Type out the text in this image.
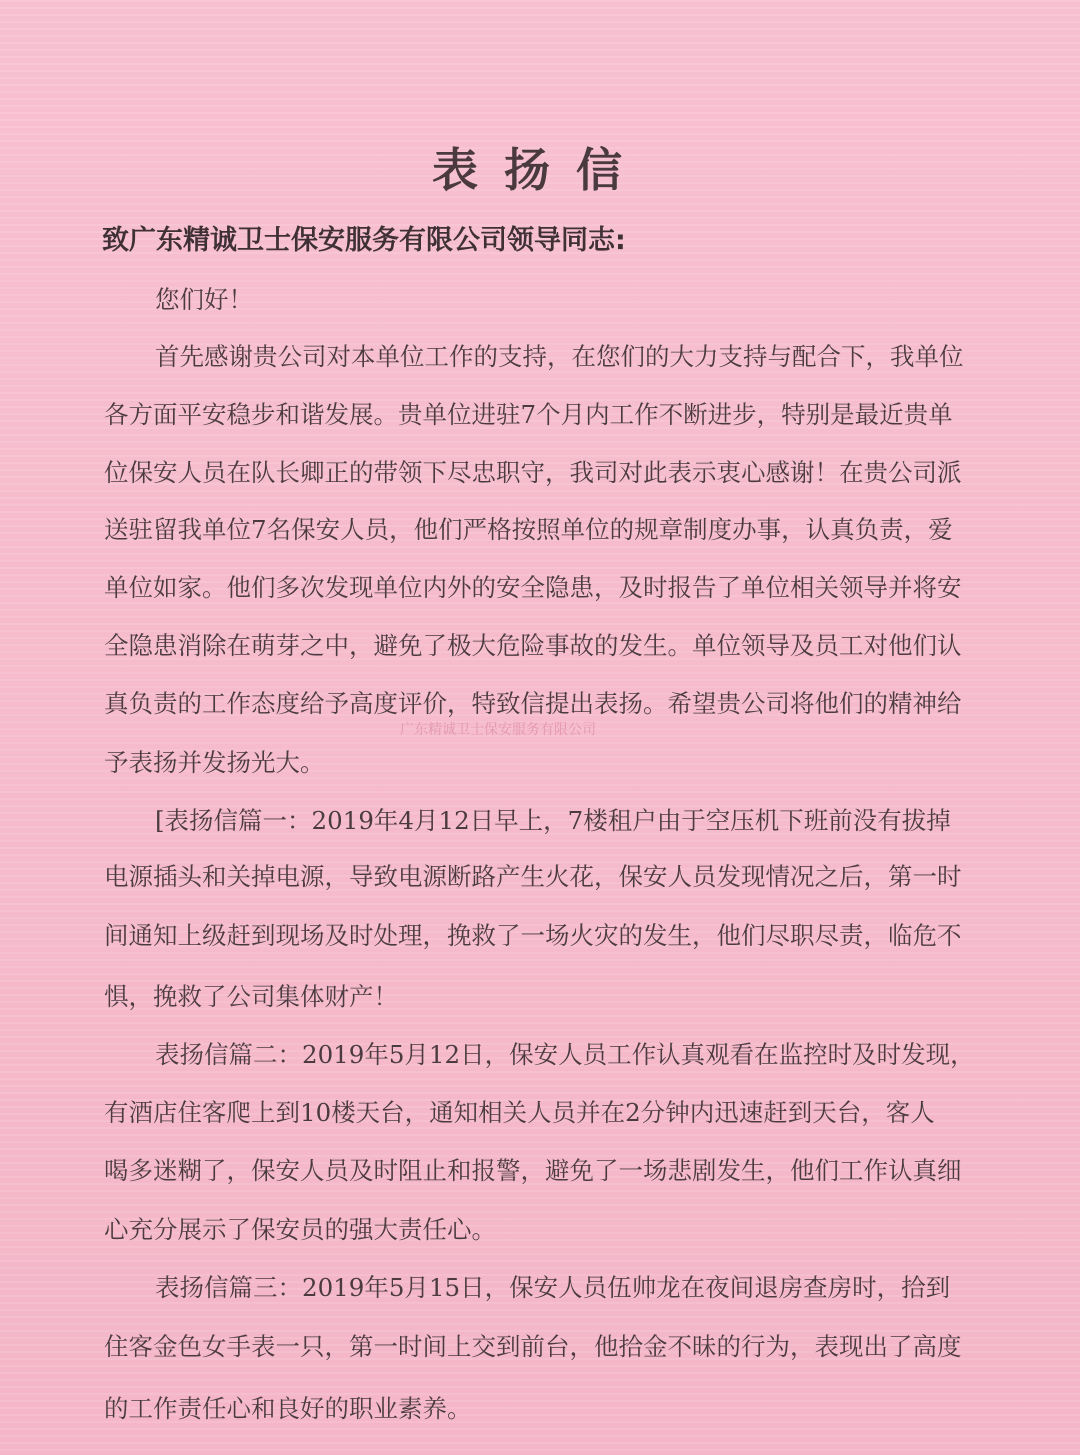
表扬信
致广东精诚卫士保安服务有限公司领导同志:
您们好！
首先感谢贵公司对本单位工作的支持，在您们的大力支持与配合下，我单位
各方面平安稳步和谐发展。贵单位进驻7个月内工作不断进步，特别是最近贵单
位保安人员在队长卿正的带领下尽忠职守，我司对此表示衷心感谢！在贵公司派
送驻留我单位7名保安人员，他们严格按照单位的规章制度办事，认真负责，爱
单位如家。他们多次发现单位内外的安全隐患，及时报告了单位相关领导并将安
全隐患消除在萌芽之中，避免了极大危险事故的发生。单位领导及员工对他们认
真负责的工作态度给予高度评价，特致信提出表扬。希望贵公司将他们的精神给
广东精诚卫士保安服务有限公司
予表扬并发扬光大。
[表扬信篇一：2019年4月12日早上，7楼租户由于空压机下班前没有拔掉
电源插头和关掉电源，导致电源断路产生火花，保安人员发现情况之后，第一时
间通知上级赶到现场及时处理，挽救了一场火灾的发生，他们尽职尽责，临危不
惧，挽救了公司集体财产！
表扬信篇二：2019年5月12日，保安人员工作认真观看在监控时及时发现，
有酒店住客爬上到10楼天台，通知相关人员并在2分钟内迅速赶到天台，客人
喝多迷糊了，保安人员及时阻止和报警，避免了一场悲剧发生，他们工作认真细
心充分展示了保安员的强大责任心。
表扬信篇三：2019年5月15日，保安人员伍帅龙在夜间退房查房时，拾到
住客金色女手表一只，第一时间上交到前台，他拾金不昧的行为，表现出了高度
的工作责任心和良好的职业素养。
